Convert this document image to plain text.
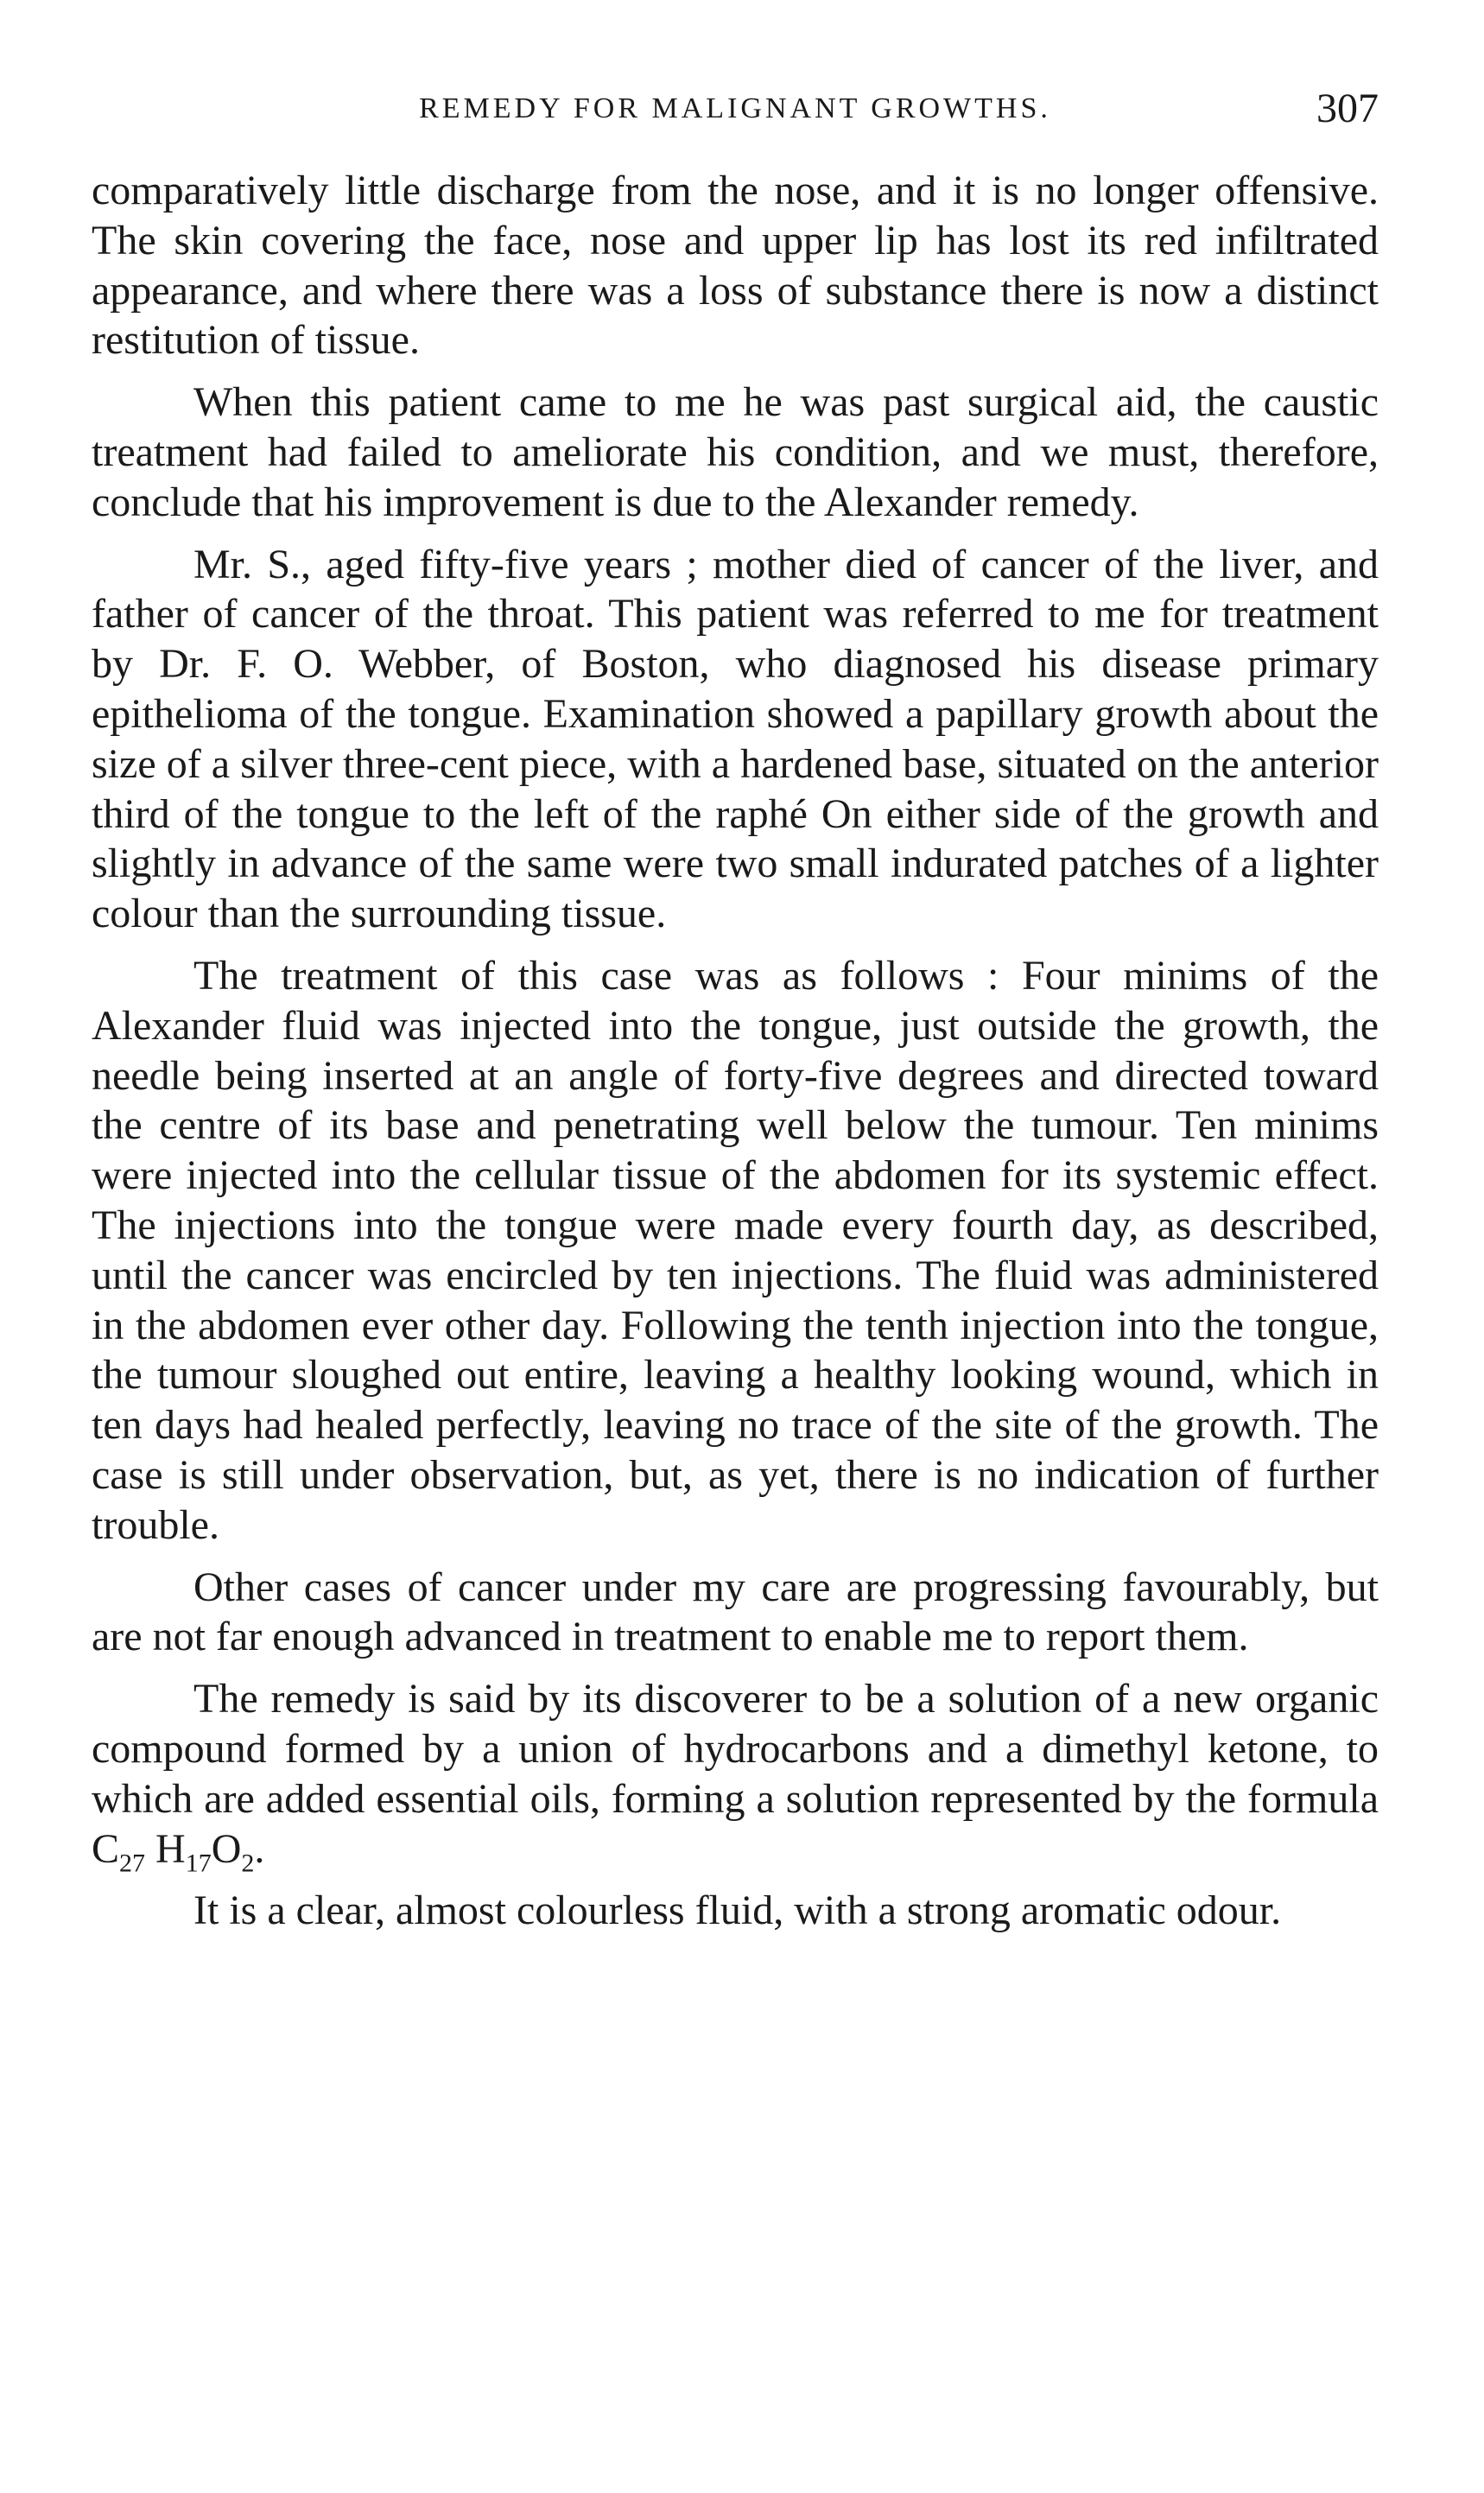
REMEDY FOR MALIGNANT GROWTHS.	307

comparatively little discharge from the nose, and it is no longer offensive. The skin covering the face, nose and upper lip has lost its red infiltrated appearance, and where there was a loss of substance there is now a distinct restitution of tissue.

When this patient came to me he was past surgical aid, the caustic treatment had failed to ameliorate his condition, and we must, therefore, conclude that his improvement is due to the Alexander remedy.

Mr. S., aged fifty-five years ; mother died of cancer of the liver, and father of cancer of the throat. This patient was referred to me for treatment by Dr. F. O. Webber, of Boston, who diagnosed his disease primary epithelioma of the tongue. Examination showed a papillary growth about the size of a silver three-cent piece, with a hardened base, situated on the anterior third of the tongue to the left of the raphé On either side of the growth and slightly in advance of the same were two small indurated patches of a lighter colour than the surrounding tissue.

The treatment of this case was as follows : Four minims of the Alexander fluid was injected into the tongue, just outside the growth, the needle being inserted at an angle of forty-five degrees and directed toward the centre of its base and penetrating well below the tumour. Ten minims were injected into the cellular tissue of the abdomen for its systemic effect. The injections into the tongue were made every fourth day, as described, until the cancer was encircled by ten injections. The fluid was administered in the abdomen ever other day. Following the tenth injection into the tongue, the tumour sloughed out entire, leaving a healthy looking wound, which in ten days had healed perfectly, leaving no trace of the site of the growth. The case is still under observation, but, as yet, there is no indication of further trouble.

Other cases of cancer under my care are progressing favourably, but are not far enough advanced in treatment to enable me to report them.

The remedy is said by its discoverer to be a solution of a new organic compound formed by a union of hydrocarbons and a dimethyl ketone, to which are added essential oils, forming a solution represented by the formula $C_{27}$ $H_{17}O_2$.

It is a clear, almost colourless fluid, with a strong aromatic odour.
